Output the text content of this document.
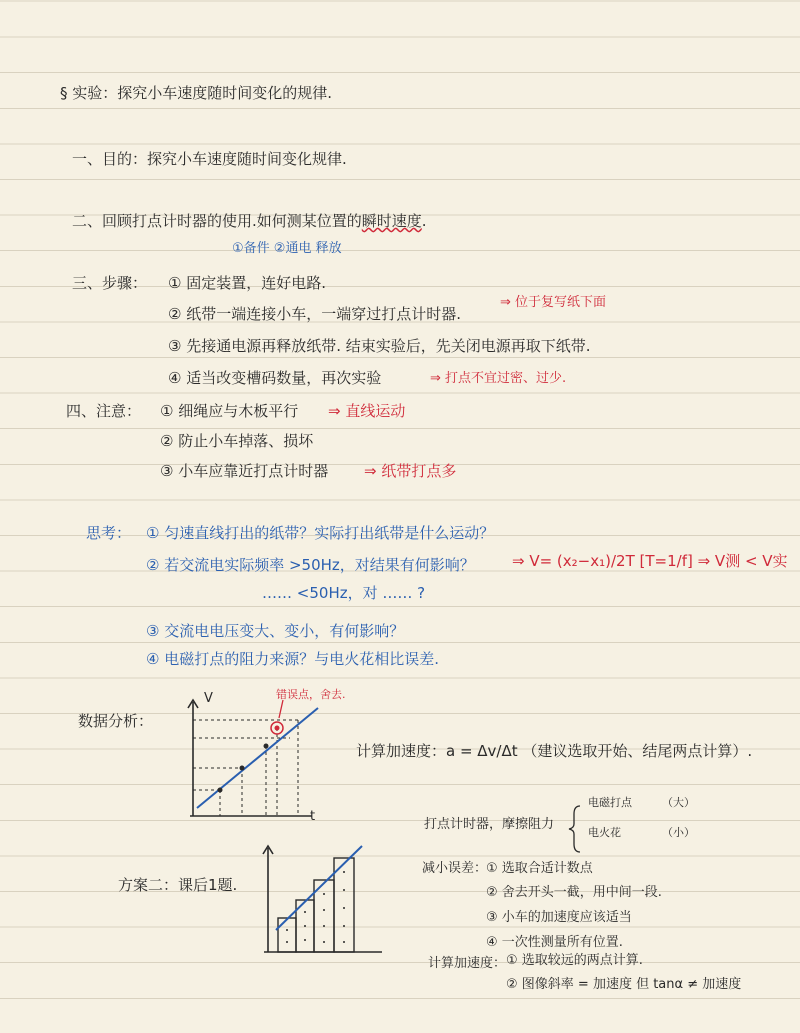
§ 实验：探究小车速度随时间变化的规律.
一、目的：探究小车速度随时间变化规律.
二、回顾打点计时器的使用.如何测某位置的瞬时速度.
①备件 ②通电 释放
三、步骤： ① 固定装置，连好电路.
② 纸带一端连接小车，一端穿过打点计时器.
⇒ 位于复写纸下面
③ 先接通电源再释放纸带. 结束实验后，先关闭电源再取下纸带.
④ 适当改变槽码数量，再次实验	⇒ 打点不宜过密、过少.
四、注意： ① 细绳应与木板平行 ⇒ 直线运动
② 防止小车掉落、损坏
③ 小车应靠近打点计时器 ⇒ 纸带打点多
思考： ① 匀速直线打出的纸带？实际打出纸带是什么运动？
② 若交流电实际频率 >50Hz，对结果有何影响？ ⇒ V= (x₂−x₁)/2T [T=1/f] ⇒ V测 < V实
‥‥‥ <50Hz，对 ‥‥‥ ?
③ 交流电电压变大、变小，有何影响？
④ 电磁打点的阻力来源？与电火花相比误差.
数据分析：
错误点，舍去.
V
t
计算加速度：a = Δv/Δt （建议选取开始、结尾两点计算）.
打点计时器，摩擦阻力
电磁打点	（大）
电火花	（小）
方案二：课后1题.
减小误差：
① 选取合适计数点
② 舍去开头一截，用中间一段.
③ 小车的加速度应该适当
④ 一次性测量所有位置.
计算加速度： ① 选取较远的两点计算.
② 图像斜率 = 加速度 但 tanα ≠ 加速度
